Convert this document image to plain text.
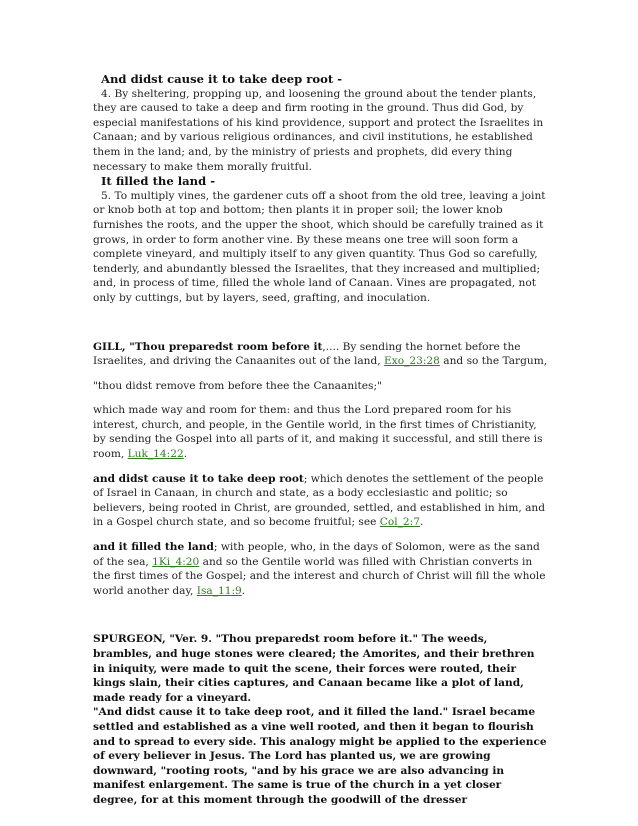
And didst cause it to take deep root -

4. By sheltering, propping up, and loosening the ground about the tender plants, they are caused to take a deep and firm rooting in the ground. Thus did God, by especial manifestations of his kind providence, support and protect the Israelites in Canaan; and by various religious ordinances, and civil institutions, he established them in the land; and, by the ministry of priests and prophets, did every thing necessary to make them morally fruitful.

It filled the land -

5. To multiply vines, the gardener cuts off a shoot from the old tree, leaving a joint or knob both at top and bottom; then plants it in proper soil; the lower knob furnishes the roots, and the upper the shoot, which should be carefully trained as it grows, in order to form another vine. By these means one tree will soon form a complete vineyard, and multiply itself to any given quantity. Thus God so carefully, tenderly, and abundantly blessed the Israelites, that they increased and multiplied; and, in process of time, filled the whole land of Canaan. Vines are propagated, not only by cuttings, but by layers, seed, grafting, and inoculation.

GILL, "Thou preparedst room before it,.... By sending the hornet before the Israelites, and driving the Canaanites out of the land, Exo_23:28 and so the Targum,

"thou didst remove from before thee the Canaanites;"

which made way and room for them: and thus the Lord prepared room for his interest, church, and people, in the Gentile world, in the first times of Christianity, by sending the Gospel into all parts of it, and making it successful, and still there is room, Luk_14:22.

and didst cause it to take deep root; which denotes the settlement of the people of Israel in Canaan, in church and state, as a body ecclesiastic and politic; so believers, being rooted in Christ, are grounded, settled, and established in him, and in a Gospel church state, and so become fruitful; see Col_2:7.

and it filled the land; with people, who, in the days of Solomon, were as the sand of the sea, 1Ki_4:20 and so the Gentile world was filled with Christian converts in the first times of the Gospel; and the interest and church of Christ will fill the whole world another day, Isa_11:9.

SPURGEON, "Ver. 9. "Thou preparedst room before it." The weeds, brambles, and huge stones were cleared; the Amorites, and their brethren in iniquity, were made to quit the scene, their forces were routed, their kings slain, their cities captures, and Canaan became like a plot of land, made ready for a vineyard.

"And didst cause it to take deep root, and it filled the land." Israel became settled and established as a vine well rooted, and then it began to flourish and to spread to every side. This analogy might be applied to the experience of every believer in Jesus. The Lord has planted us, we are growing downward, "rooting roots, "and by his grace we are also advancing in manifest enlargement. The same is true of the church in a yet closer degree, for at this moment through the goodwill of the dresser
